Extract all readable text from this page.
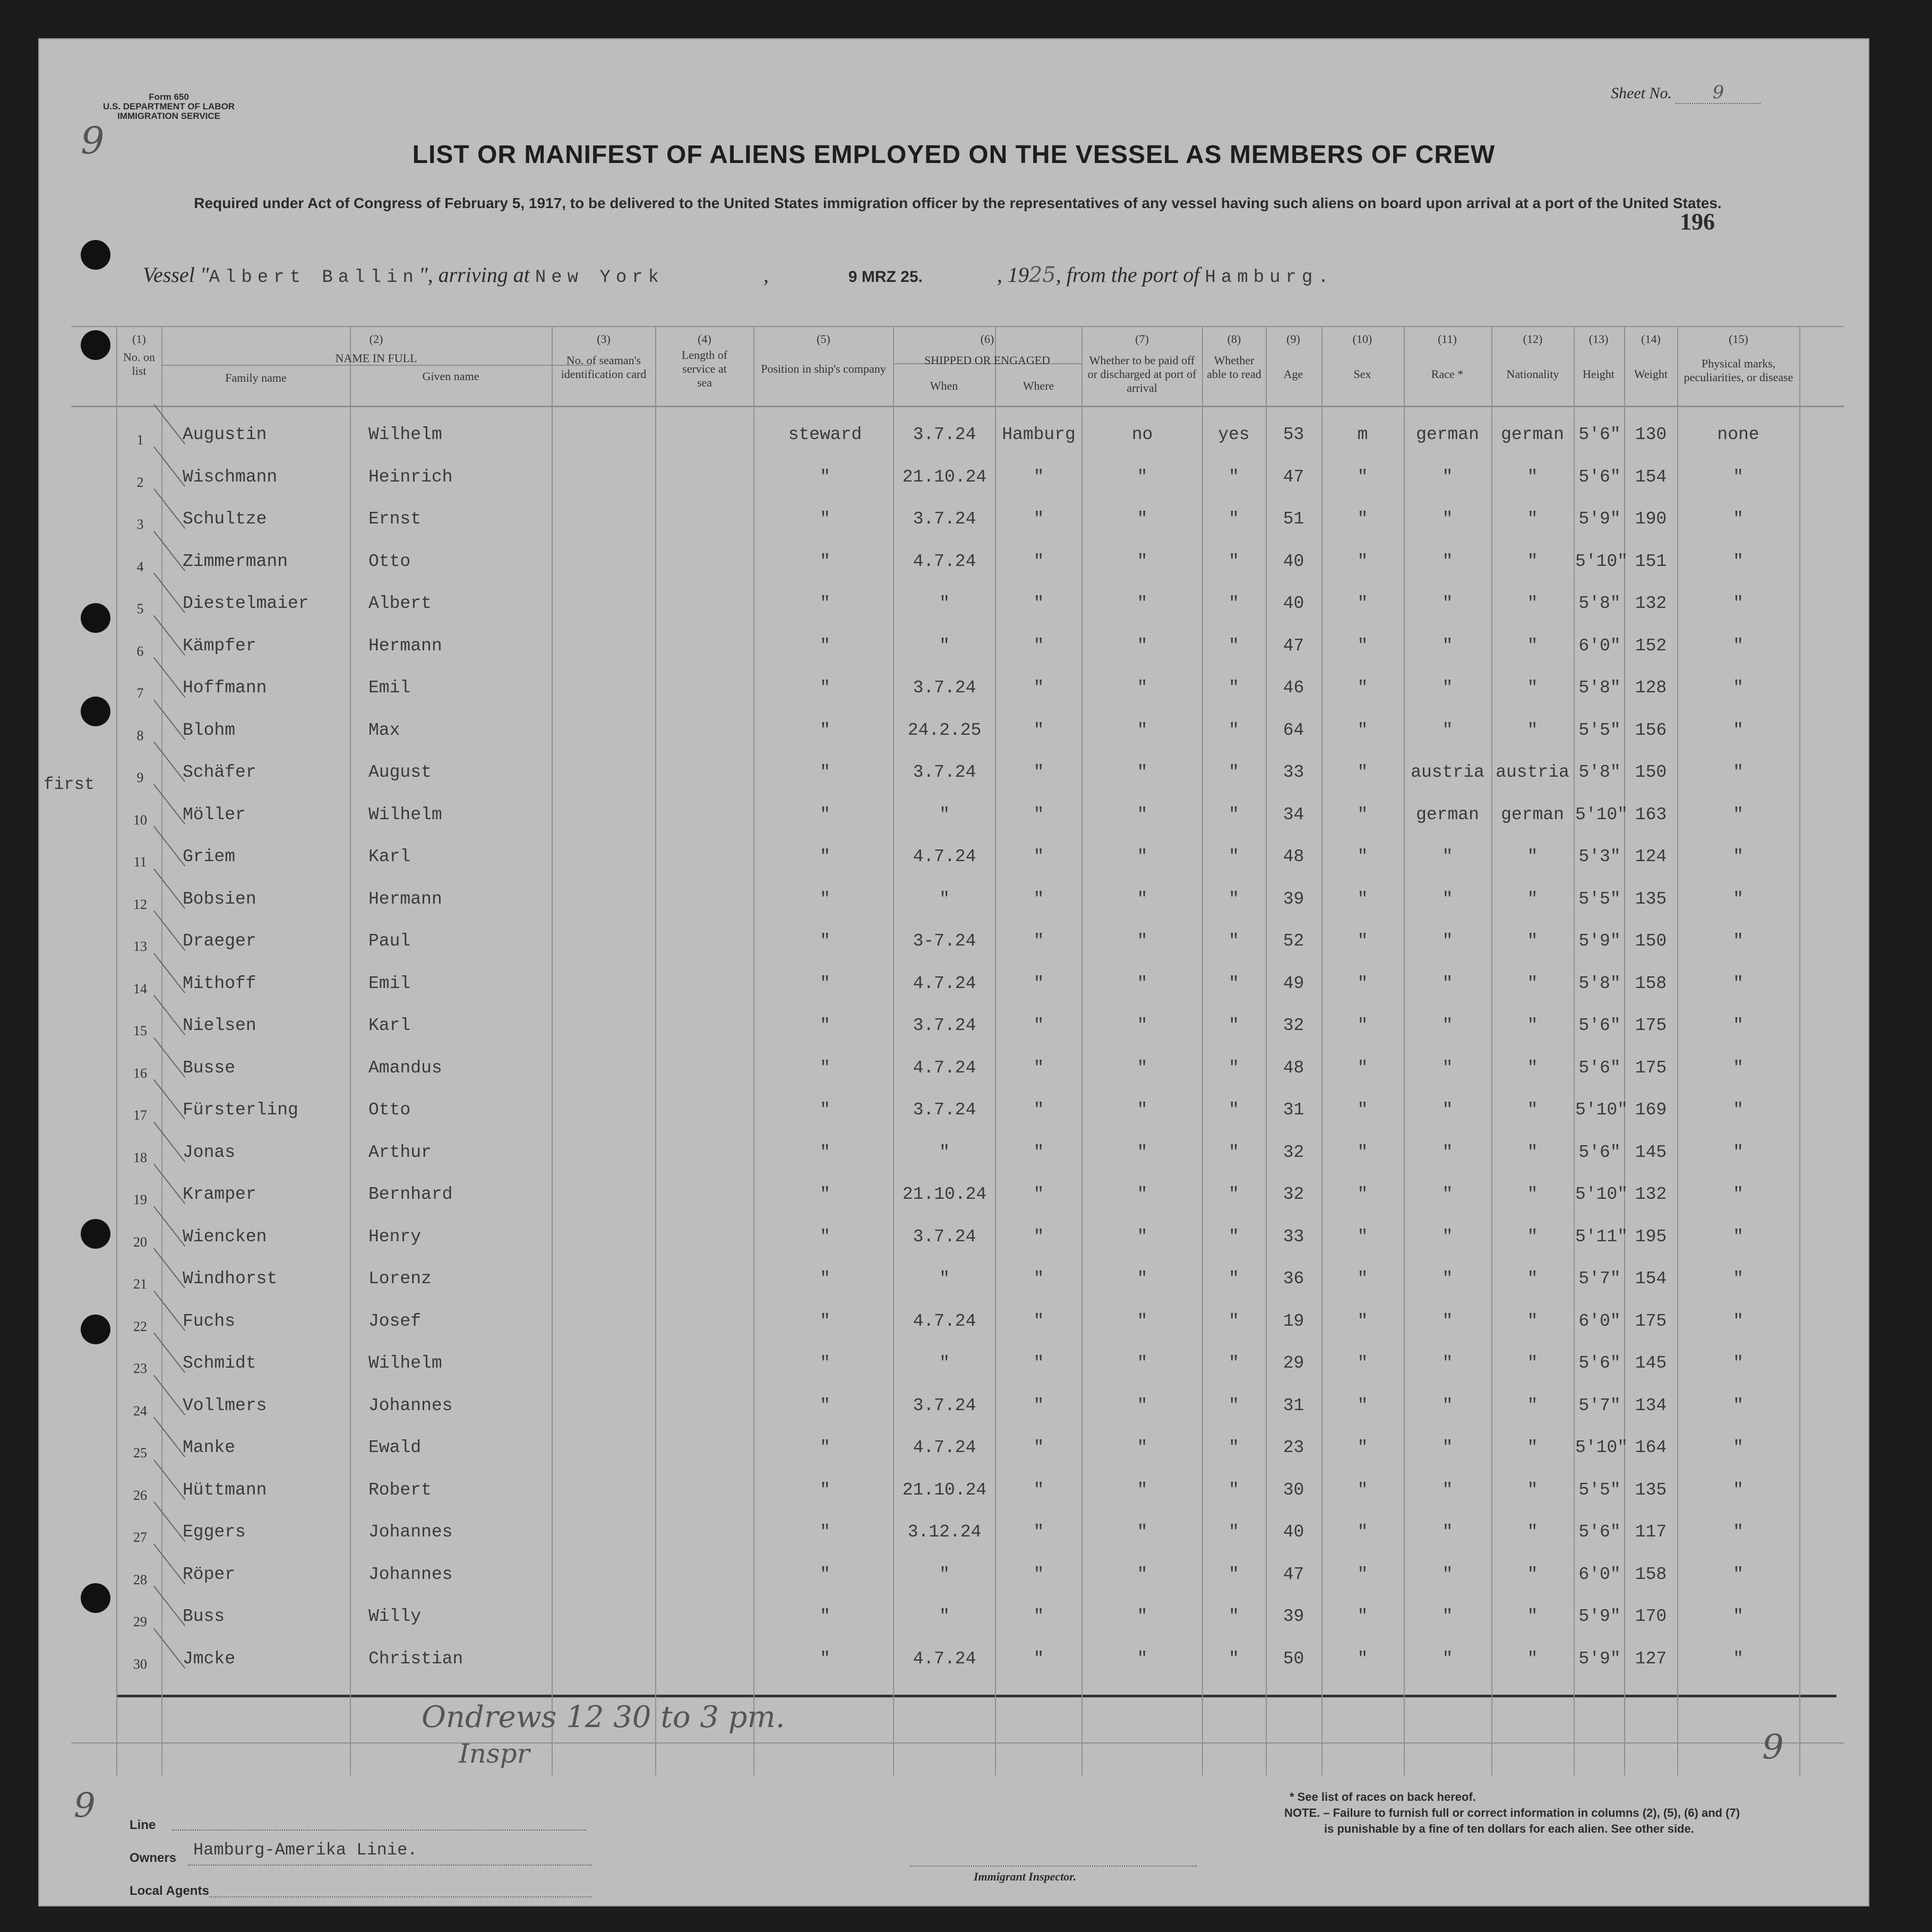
Form 650
U.S. DEPARTMENT OF LABOR
IMMIGRATION SERVICE
9
Sheet No. 9
LIST OR MANIFEST OF ALIENS EMPLOYED ON THE VESSEL AS MEMBERS OF CREW
Required under Act of Congress of February 5, 1917, to be delivered to the United States immigration officer by the representatives of any vessel having such aliens on board upon arrival at a port of the United States.
196
Vessel "Albert Ballin", arriving at New York	,	9 MRZ 25.	, 1925, from the port of Hamburg.
(1)
No. on list
(2)
NAME IN FULL
Family name	Given name
(3)
No. of seaman's identification card
(4)
Length of service at sea
(5)
Position in ship's company
(6)
SHIPPED OR ENGAGED
When	Where
(7)
Whether to be paid off or discharged at port of arrival
(8)
Whether able to read
(9)
Age
(10)
Sex
(11)
Race *
(12)
Nationality
(13)
Height
(14)
Weight
(15)
Physical marks, peculiarities, or disease
first
1	Augustin	Wilhelm	steward	3.7.24	Hamburg	no	yes	53	m	german	german 5'6" 130	none
2	Wischmann	Heinrich	"	21.10.24	"	"	"	47	"	"	"	5'6" 154	"
3	Schultze	Ernst	"	3.7.24	"	"	"	51	"	"	"	5'9" 190	"
4	Zimmermann	Otto	"	4.7.24	"	"	"	40	"	"	"	5'10" 151	"
5	Diestelmaier	Albert	"	"	"	"	"	40	"	"	"	5'8" 132	"
6	Kämpfer	Hermann	"	"	"	"	"	47	"	"	"	6'0" 152	"
7	Hoffmann	Emil	"	3.7.24	"	"	"	46	"	"	"	5'8" 128	"
8	Blohm	Max	"	24.2.25	"	"	"	64	"	"	"	5'5" 156	"
9	Schäfer	August	"	3.7.24	"	"	"	33	"	austria austria 5'8" 150	"
10	Möller	Wilhelm	"	"	"	"	"	34	"	german	german 5'10" 163	"
11	Griem	Karl	"	4.7.24	"	"	"	48	"	"	"	5'3" 124	"
12	Bobsien	Hermann	"	"	"	"	"	39	"	"	"	5'5" 135	"
13	Draeger	Paul	"	3-7.24	"	"	"	52	"	"	"	5'9" 150	"
14	Mithoff	Emil	"	4.7.24	"	"	"	49	"	"	"	5'8" 158	"
15	Nielsen	Karl	"	3.7.24	"	"	"	32	"	"	"	5'6" 175	"
16	Busse	Amandus	"	4.7.24	"	"	"	48	"	"	"	5'6" 175	"
17	Fürsterling	Otto	"	3.7.24	"	"	"	31	"	"	"	5'10" 169	"
18	Jonas	Arthur	"	"	"	"	"	32	"	"	"	5'6" 145	"
19	Kramper	Bernhard	"	21.10.24	"	"	"	32	"	"	"	5'10" 132	"
20	Wiencken	Henry	"	3.7.24	"	"	"	33	"	"	"	5'11" 195	"
21	Windhorst	Lorenz	"	"	"	"	"	36	"	"	"	5'7" 154	"
22	Fuchs	Josef	"	4.7.24	"	"	"	19	"	"	"	6'0" 175	"
23	Schmidt	Wilhelm	"	"	"	"	"	29	"	"	"	5'6" 145	"
24	Vollmers	Johannes	"	3.7.24	"	"	"	31	"	"	"	5'7" 134	"
25	Manke	Ewald	"	4.7.24	"	"	"	23	"	"	"	5'10" 164	"
26	Hüttmann	Robert	"	21.10.24	"	"	"	30	"	"	"	5'5" 135	"
27	Eggers	Johannes	"	3.12.24	"	"	"	40	"	"	"	5'6" 117	"
28	Röper	Johannes	"	"	"	"	"	47	"	"	"	6'0" 158	"
29	Buss	Willy	"	"	"	"	"	39	"	"	"	5'9" 170	"
30	Jmcke	Christian	"	4.7.24	"	"	"	50	"	"	"	5'9" 127	"
Ondrews 12 30 to 3 pm.
Inspr
9
9
Line
Owners Hamburg-Amerika Linie.
Local Agents
Immigrant Inspector.
* See list of races on back hereof.
NOTE. – Failure to furnish full or correct information in columns (2), (5), (6) and (7)
is punishable by a fine of ten dollars for each alien. See other side.
